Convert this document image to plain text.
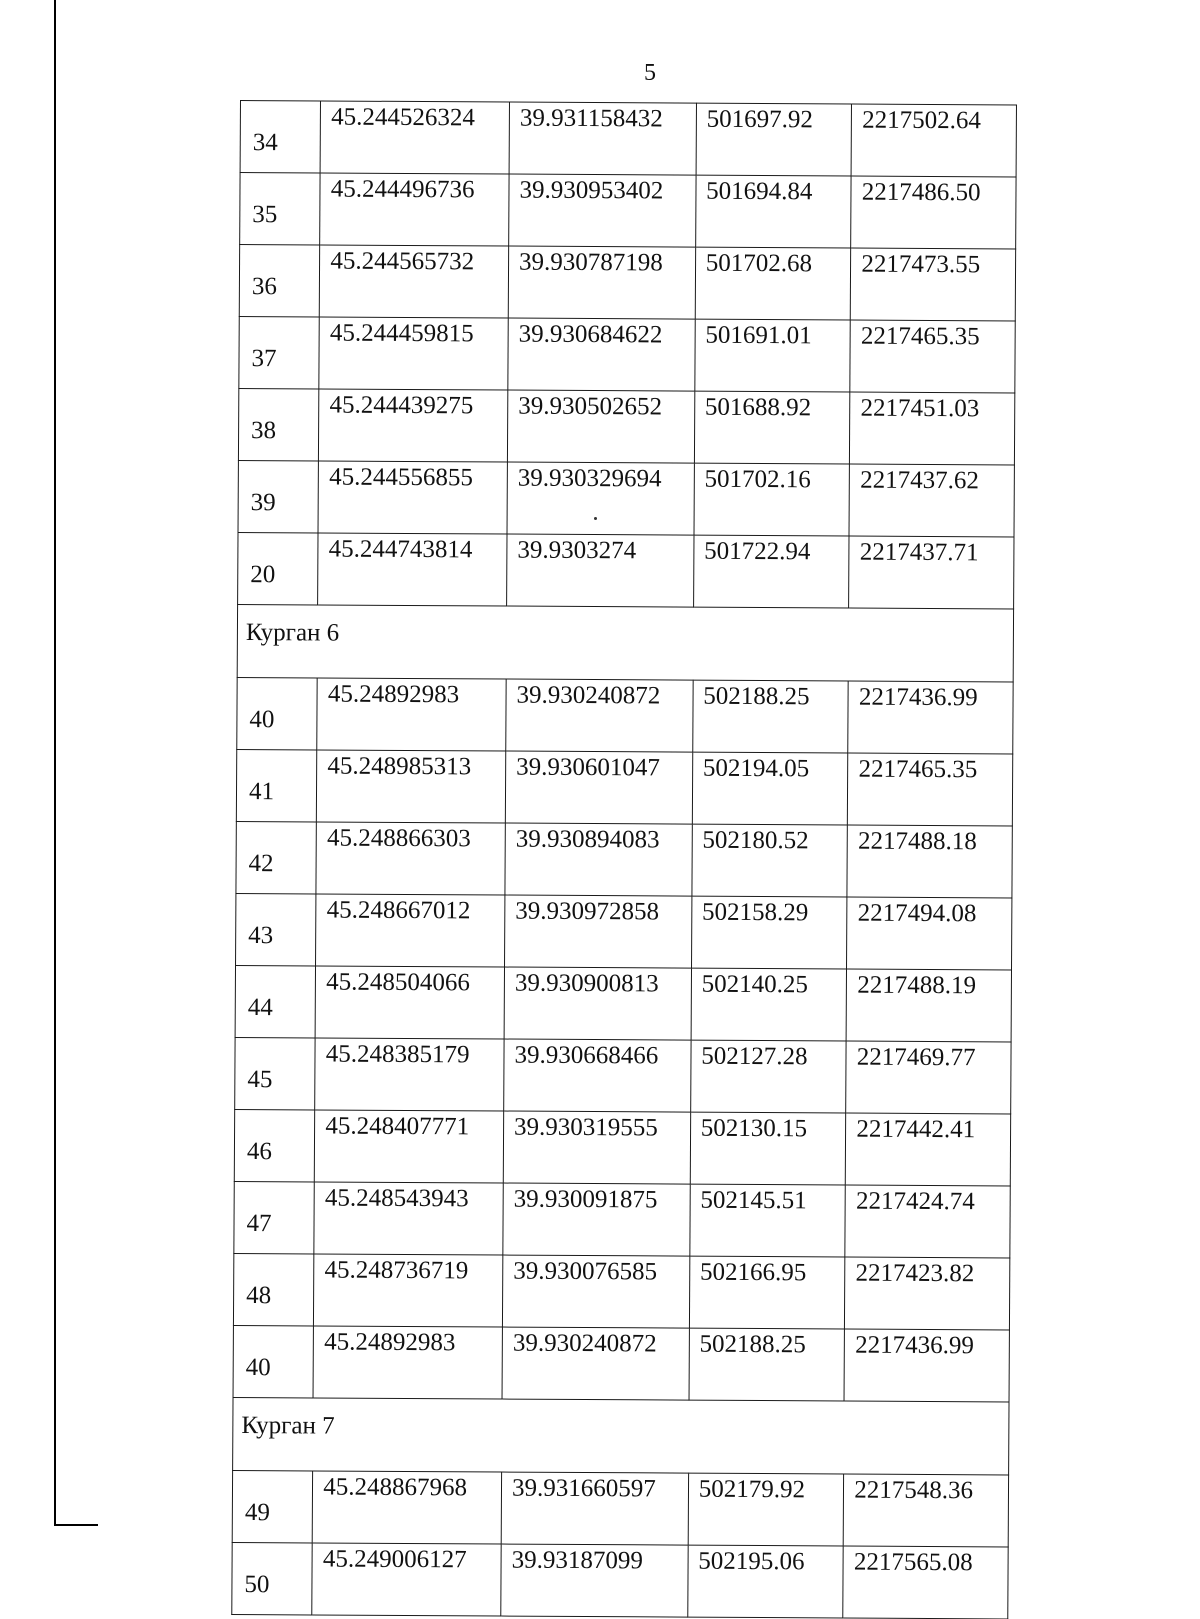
5
34	45.244526324	39.931158432	501697.92	2217502.64
35	45.244496736	39.930953402	501694.84	2217486.50
36	45.244565732	39.930787198	501702.68	2217473.55
37	45.244459815	39.930684622	501691.01	2217465.35
38	45.244439275	39.930502652	501688.92	2217451.03
39	45.244556855	39.930329694	501702.16	2217437.62
20	45.244743814	39.9303274	501722.94	2217437.71
Курган 6				
40	45.24892983	39.930240872	502188.25	2217436.99
41	45.248985313	39.930601047	502194.05	2217465.35
42	45.248866303	39.930894083	502180.52	2217488.18
43	45.248667012	39.930972858	502158.29	2217494.08
44	45.248504066	39.930900813	502140.25	2217488.19
45	45.248385179	39.930668466	502127.28	2217469.77
46	45.248407771	39.930319555	502130.15	2217442.41
47	45.248543943	39.930091875	502145.51	2217424.74
48	45.248736719	39.930076585	502166.95	2217423.82
40	45.24892983	39.930240872	502188.25	2217436.99
Курган 7				
49	45.248867968	39.931660597	502179.92	2217548.36
50	45.249006127	39.93187099	502195.06	2217565.08
